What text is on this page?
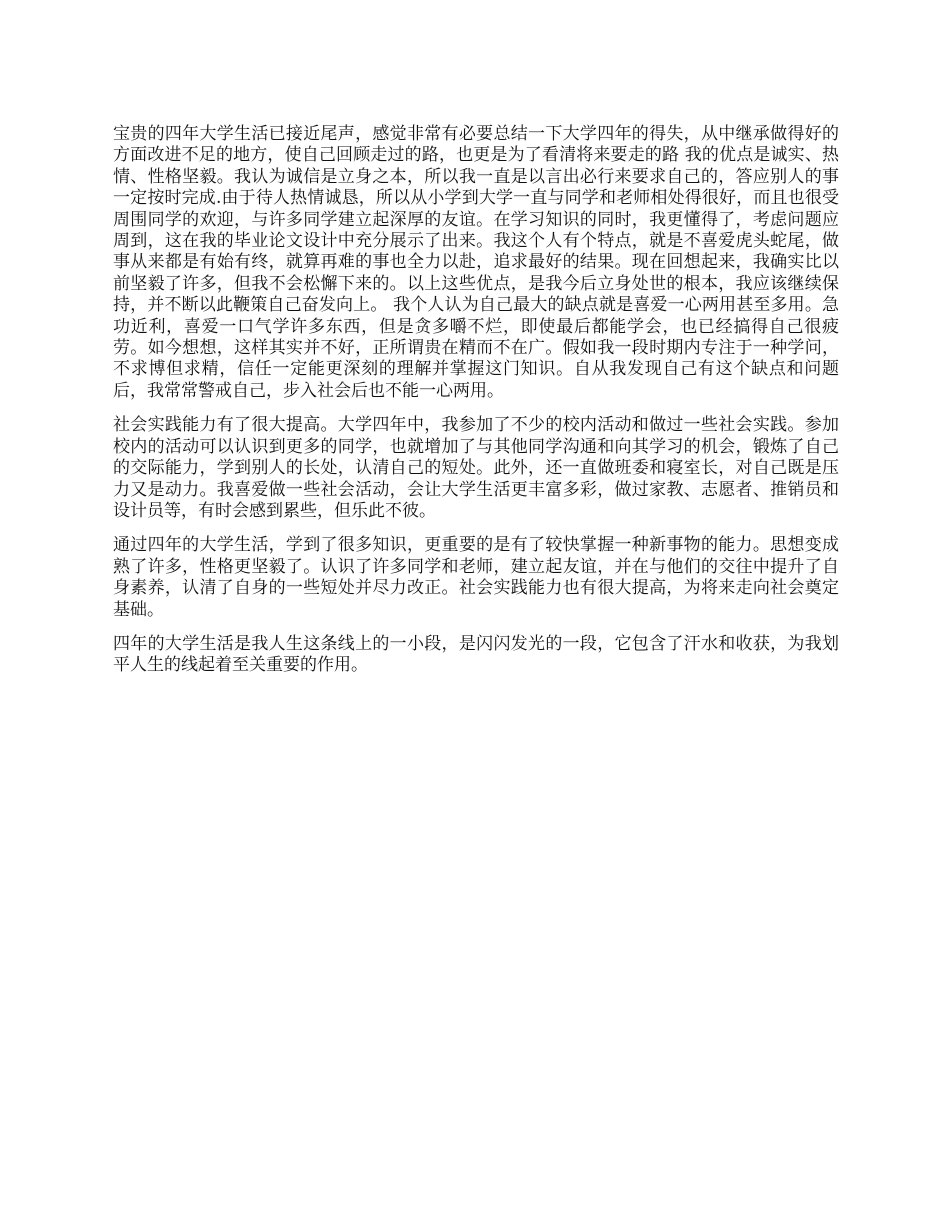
宝贵的四年大学生活已接近尾声，感觉非常有必要总结一下大学四年的得失，从中继承做得好的方面改进不足的地方，使自己回顾走过的路，也更是为了看清将来要走的路 我的优点是诚实、热情、性格坚毅。我认为诚信是立身之本，所以我一直是以言出必行来要求自己的，答应别人的事一定按时完成.由于待人热情诚恳，所以从小学到大学一直与同学和老师相处得很好，而且也很受周围同学的欢迎，与许多同学建立起深厚的友谊。在学习知识的同时，我更懂得了，考虑问题应周到，这在我的毕业论文设计中充分展示了出来。我这个人有个特点，就是不喜爱虎头蛇尾，做事从来都是有始有终，就算再难的事也全力以赴，追求最好的结果。现在回想起来，我确实比以前坚毅了许多，但我不会松懈下来的。以上这些优点，是我今后立身处世的根本，我应该继续保持，并不断以此鞭策自己奋发向上。 我个人认为自己最大的缺点就是喜爱一心两用甚至多用。急功近利，喜爱一口气学许多东西，但是贪多嚼不烂，即使最后都能学会，也已经搞得自己很疲劳。如今想想，这样其实并不好，正所谓贵在精而不在广。假如我一段时期内专注于一种学问，不求博但求精，信任一定能更深刻的理解并掌握这门知识。自从我发现自己有这个缺点和问题后，我常常警戒自己，步入社会后也不能一心两用。

社会实践能力有了很大提高。大学四年中，我参加了不少的校内活动和做过一些社会实践。参加校内的活动可以认识到更多的同学，也就增加了与其他同学沟通和向其学习的机会，锻炼了自己的交际能力，学到别人的长处，认清自己的短处。此外，还一直做班委和寝室长，对自己既是压力又是动力。我喜爱做一些社会活动，会让大学生活更丰富多彩，做过家教、志愿者、推销员和设计员等，有时会感到累些，但乐此不彼。

通过四年的大学生活，学到了很多知识，更重要的是有了较快掌握一种新事物的能力。思想变成熟了许多，性格更坚毅了。认识了许多同学和老师，建立起友谊，并在与他们的交往中提升了自身素养，认清了自身的一些短处并尽力改正。社会实践能力也有很大提高，为将来走向社会奠定基础。

四年的大学生活是我人生这条线上的一小段，是闪闪发光的一段，它包含了汗水和收获，为我划平人生的线起着至关重要的作用。
